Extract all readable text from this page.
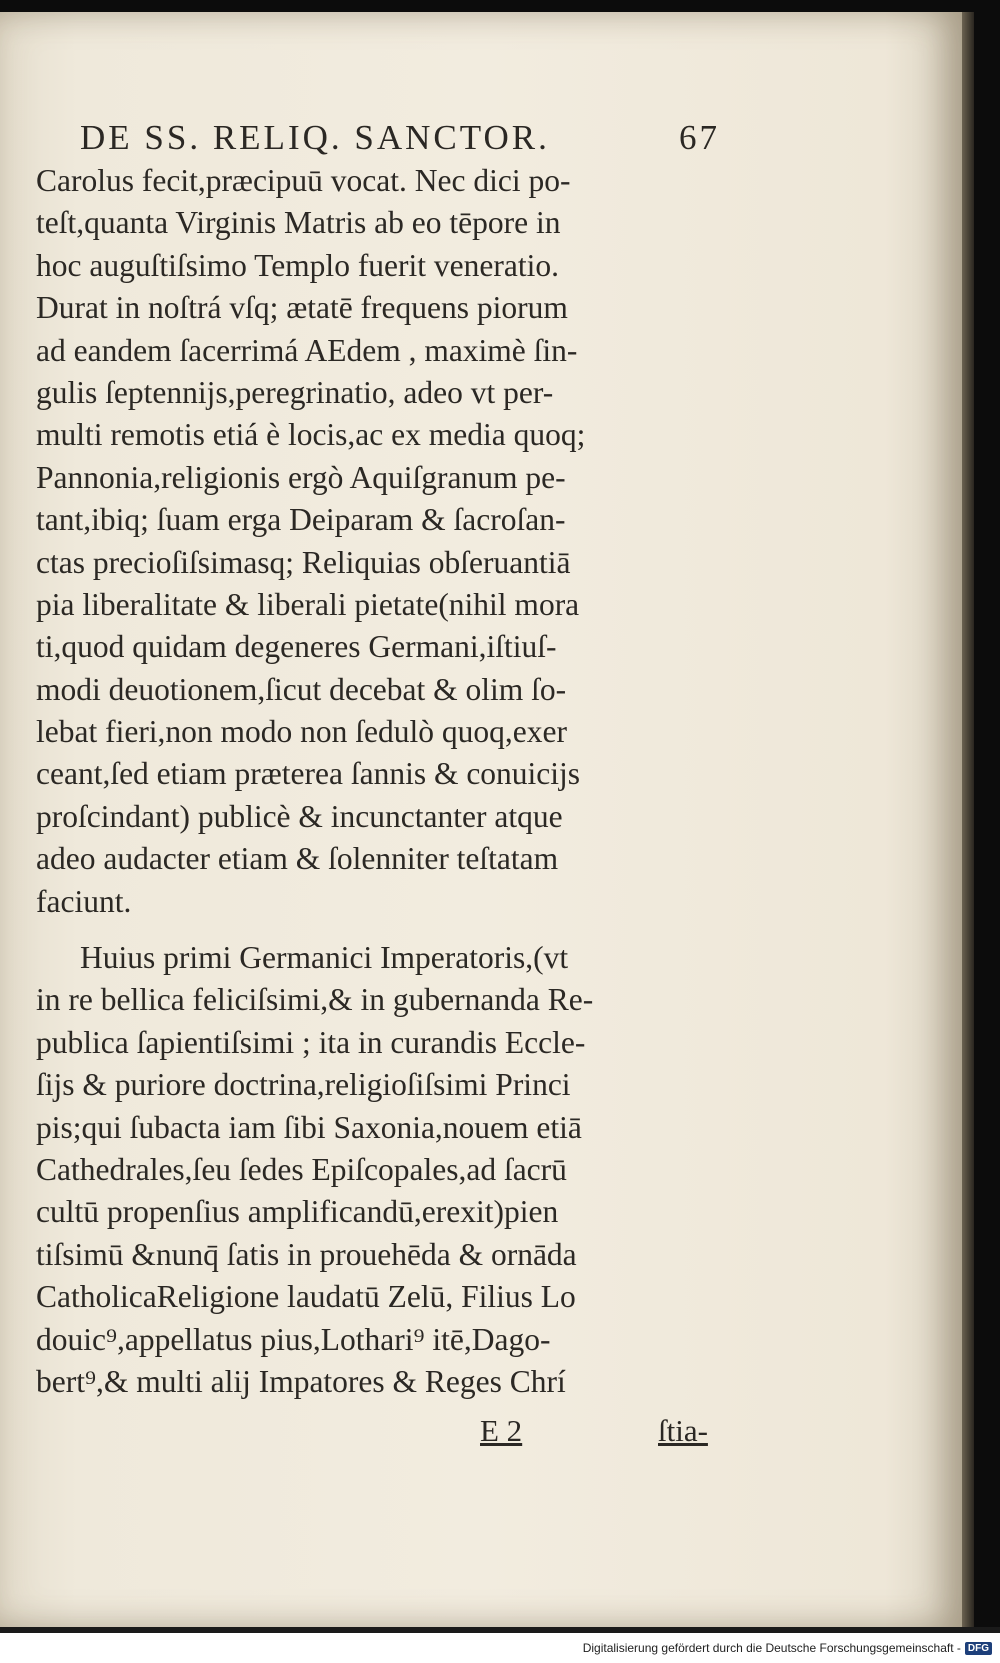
DE SS. RELIQ. SANCTOR.	67
Carolus fecit,præcipuū vocat. Nec dici po-
teſt,quanta Virginis Matris ab eo tēpore in
hoc auguſtiſsimo Templo fuerit veneratio.
Durat in noſtrá vſq; ætatē frequens piorum
ad eandem ſacerrimá AEdem , maximè ſin-
gulis ſeptennijs,peregrinatio, adeo vt per-
multi remotis etiá è locis,ac ex media quoq;
Pannonia,religionis ergò Aquiſgranum pe-
tant,ibiq; ſuam erga Deiparam & ſacroſan-
ctas precioſiſsimasq; Reliquias obſeruantiā
pia liberalitate & liberali pietate(nihil mora
ti,quod quidam degeneres Germani,iſtiuſ-
modi deuotionem,ſicut decebat & olim ſo-
lebat fieri,non modo non ſedulò quoq,exer
ceant,ſed etiam prætereа ſannis & conuicijs
proſcindant) publicè & incunctanter atque
adeo audacter etiam & ſolenniter teſtatam
faciunt.
Huius primi Germanici Imperatoris,(vt
in re bellica feliciſsimi,& in gubernanda Re-
publica ſapientiſsimi ; ita in curandis Eccle-
ſijs & puriore doctrina,religioſiſsimi Princi
pis;qui ſubacta iam ſibi Saxonia,nouem etiā
Cathedrales,ſeu ſedes Epiſcopales,ad ſacrū
cultū propenſius amplificandū,erexit)pien
tiſsimū &nunq̄ ſatis in prouehēda & ornāda
CatholicaReligione laudatū Zelū, Filius Lo
douic⁹,appellatus pius,Lothari⁹ itē,Dago-
bert⁹,& multi alij Impatores & Reges Chrí
E 2	ſtia-
Digitalisierung gefördert durch die Deutsche Forschungsgemeinschaft - DFG
